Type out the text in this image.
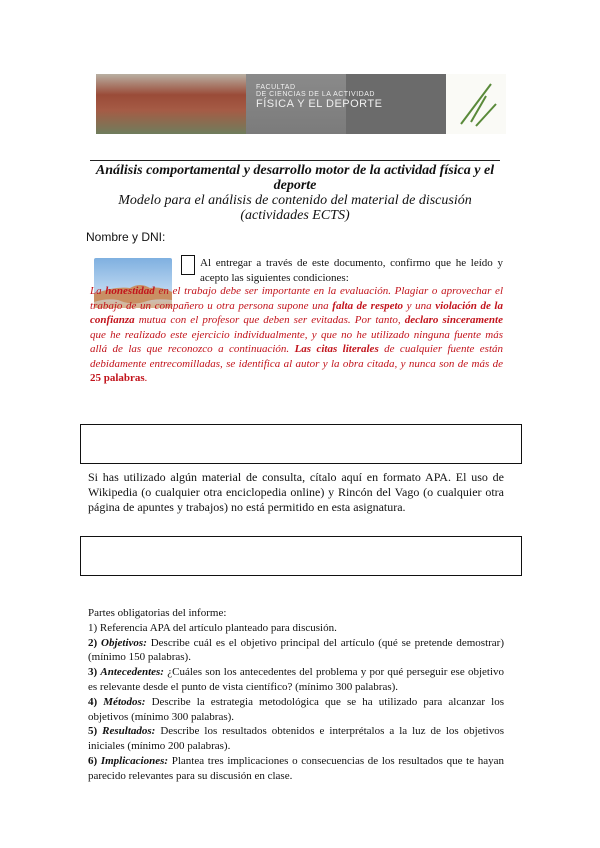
FACULTAD
DE CIENCIAS DE LA ACTIVIDAD
FÍSICA Y EL DEPORTE
Análisis comportamental y desarrollo motor de la actividad física y el deporte
Modelo para el análisis de contenido del material de discusión (actividades ECTS)
Nombre y DNI:
Al entregar a través de este documento, confirmo que he leído y acepto las siguientes condiciones:
La honestidad en el trabajo debe ser importante en la evaluación. Plagiar o aprovechar el trabajo de un compañero u otra persona supone una falta de respeto y una violación de la confianza mutua con el profesor que deben ser evitadas. Por tanto, declaro sinceramente que he realizado este ejercicio individualmente, y que no he utilizado ninguna fuente más allá de las que reconozco a continuación. Las citas literales de cualquier fuente están debidamente entrecomilladas, se identifica al autor y la obra citada, y nunca son de más de 25 palabras.
Si has utilizado algún material de consulta, cítalo aquí en formato APA. El uso de Wikipedia (o cualquier otra enciclopedia online) y Rincón del Vago (o cualquier otra página de apuntes y trabajos) no está permitido en esta asignatura.
Partes obligatorias del informe:
1) Referencia APA del artículo planteado para discusión.
2) Objetivos: Describe cuál es el objetivo principal del artículo (qué se pretende demostrar) (mínimo 150 palabras).
3) Antecedentes: ¿Cuáles son los antecedentes del problema y por qué perseguir ese objetivo es relevante desde el punto de vista científico? (mínimo 300 palabras).
4) Métodos: Describe la estrategia metodológica que se ha utilizado para alcanzar los objetivos (mínimo 300 palabras).
5) Resultados: Describe los resultados obtenidos e interprétalos a la luz de los objetivos iniciales (mínimo 200 palabras).
6) Implicaciones: Plantea tres implicaciones o consecuencias de los resultados que te hayan parecido relevantes para su discusión en clase.
